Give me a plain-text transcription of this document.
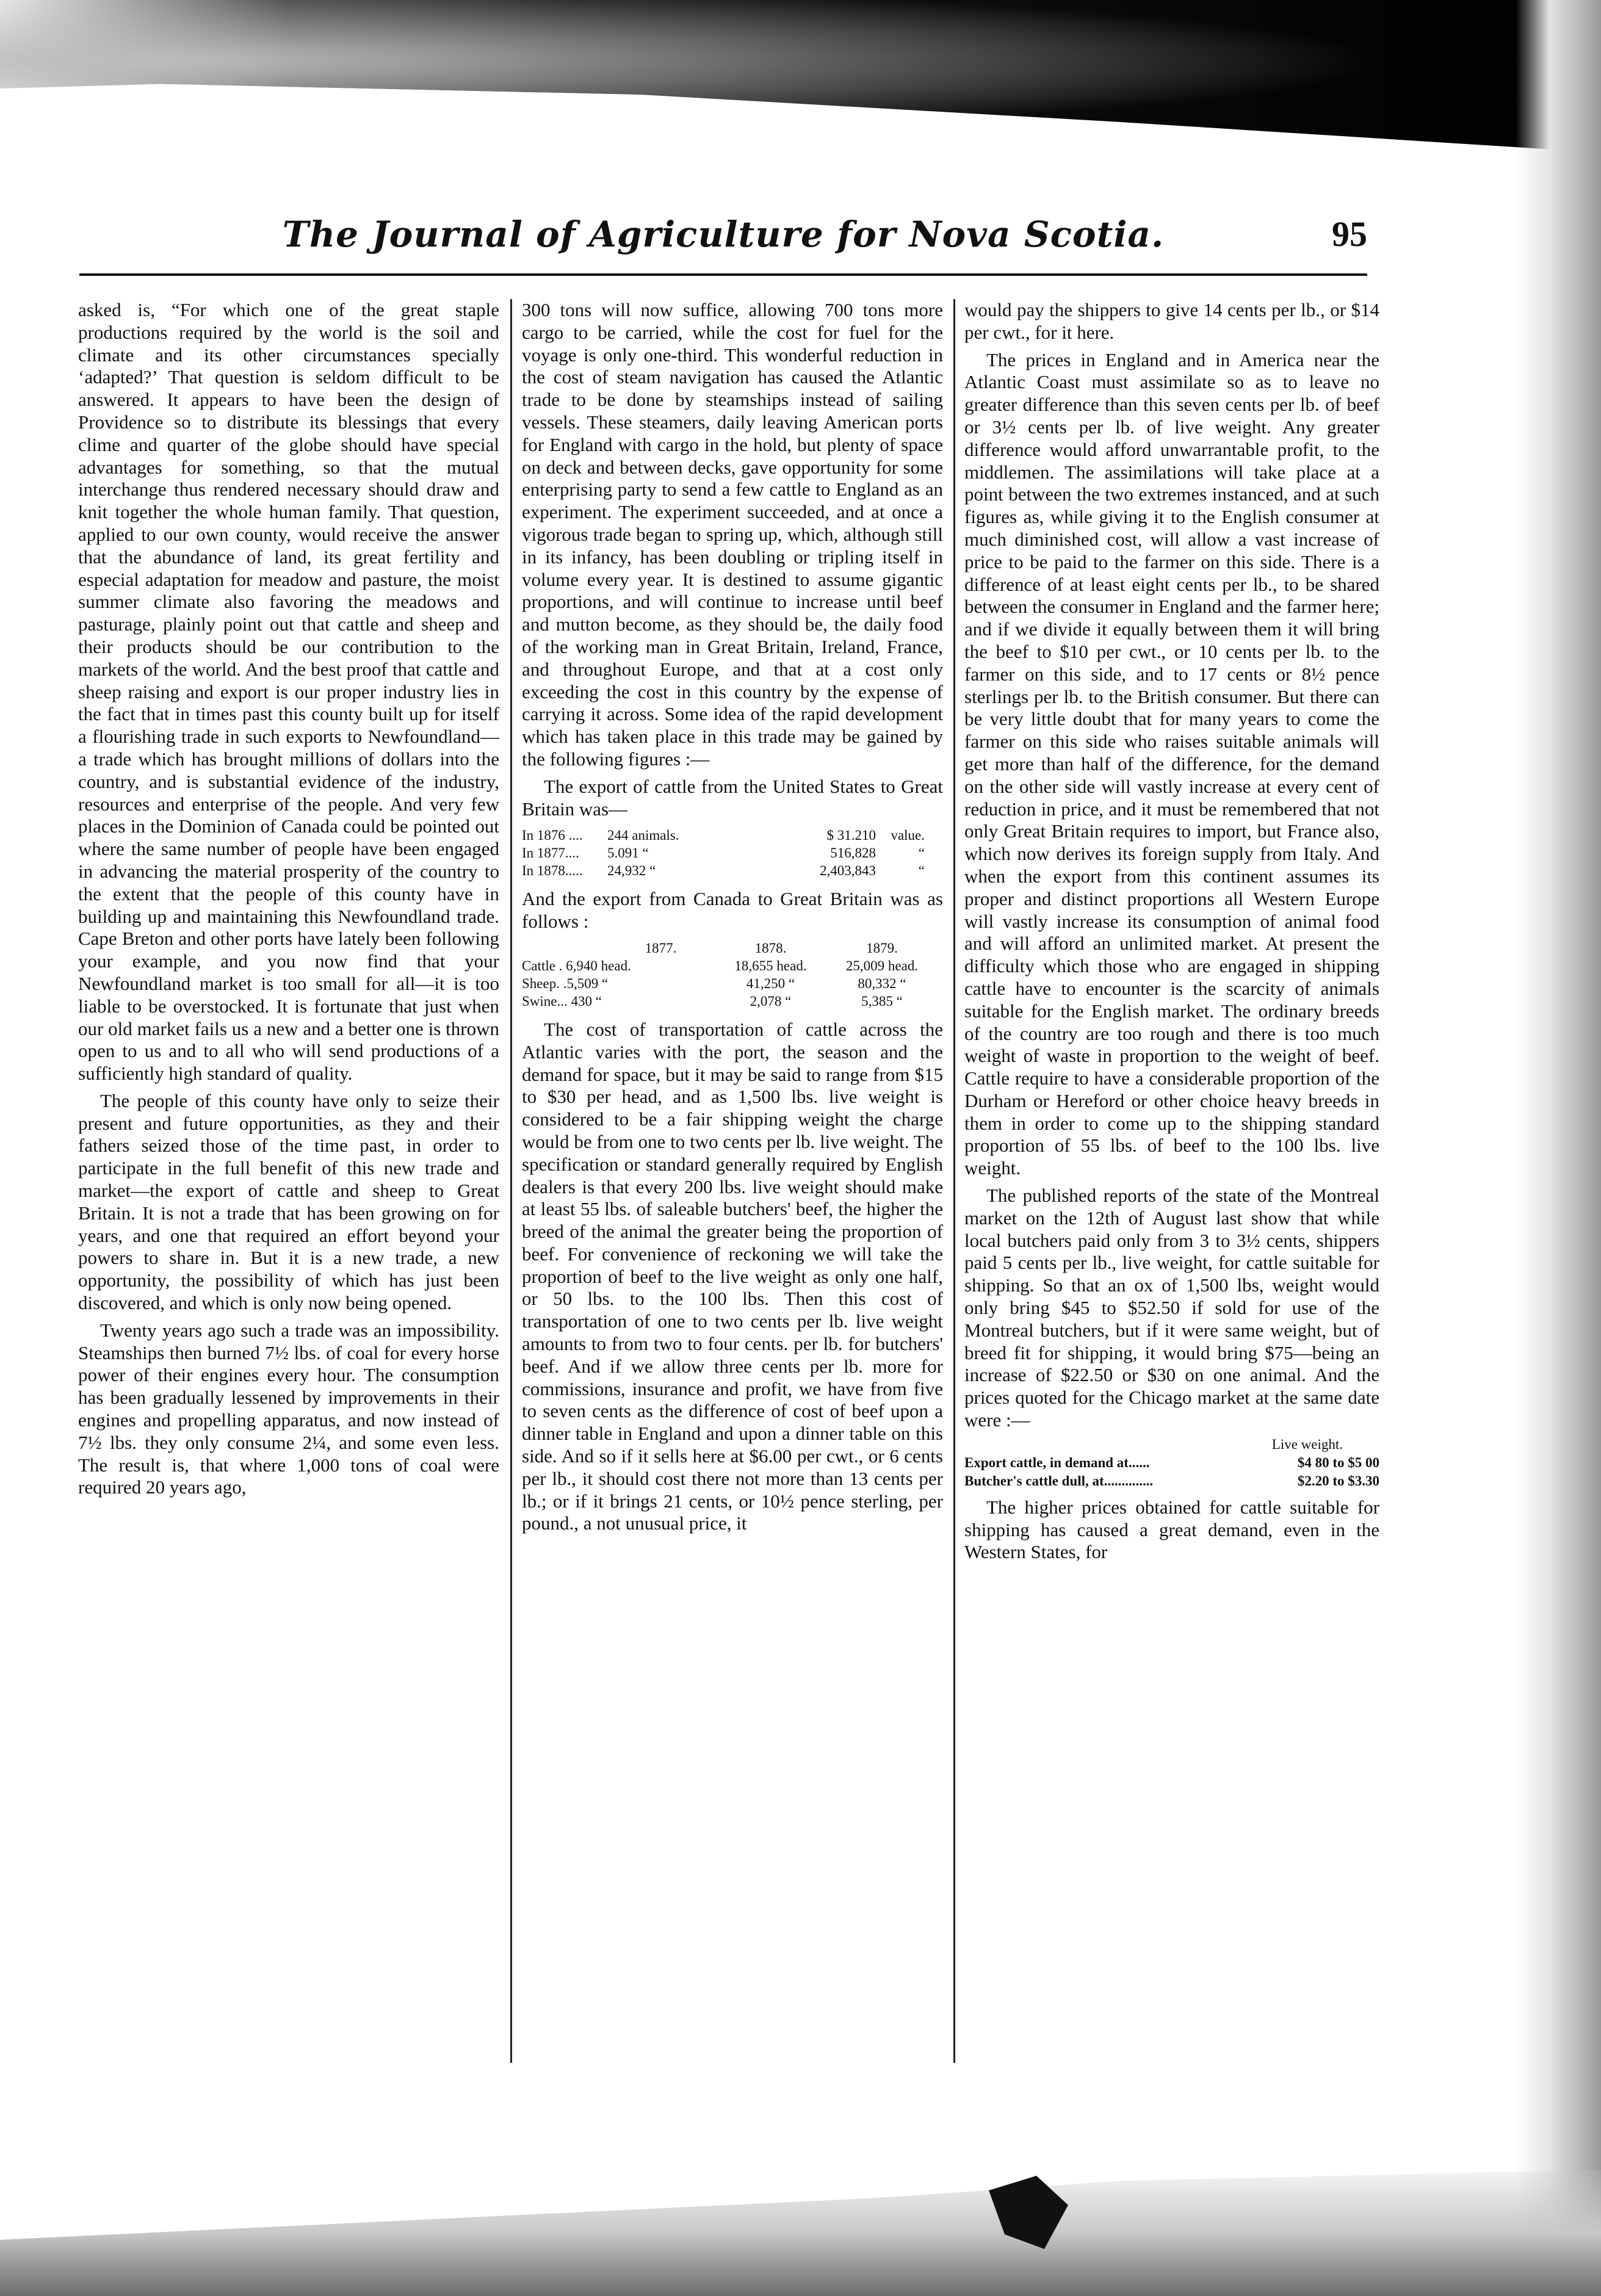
The Journal of Agriculture for Nova Scotia.	95

asked is, “For which one of the great staple productions required by the world is the soil and climate and its other circumstances specially ‘adapted?’ That question is seldom difficult to be answered. It appears to have been the design of Providence so to distribute its blessings that every clime and quarter of the globe should have special advantages for something, so that the mutual interchange thus rendered necessary should draw and knit together the whole human family. That question, applied to our own county, would receive the answer that the abundance of land, its great fertility and especial adaptation for meadow and pasture, the moist summer climate also favoring the meadows and pasturage, plainly point out that cattle and sheep and their products should be our contribution to the markets of the world. And the best proof that cattle and sheep raising and export is our proper industry lies in the fact that in times past this county built up for itself a flourishing trade in such exports to Newfoundland—a trade which has brought millions of dollars into the country, and is substantial evidence of the industry, resources and enterprise of the people. And very few places in the Dominion of Canada could be pointed out where the same number of people have been engaged in advancing the material prosperity of the country to the extent that the people of this county have in building up and maintaining this Newfoundland trade. Cape Breton and other ports have lately been following your example, and you now find that your Newfoundland market is too small for all—it is too liable to be overstocked. It is fortunate that just when our old market fails us a new and a better one is thrown open to us and to all who will send productions of a sufficiently high standard of quality.

The people of this county have only to seize their present and future opportunities, as they and their fathers seized those of the time past, in order to participate in the full benefit of this new trade and market—the export of cattle and sheep to Great Britain. It is not a trade that has been growing on for years, and one that required an effort beyond your powers to share in. But it is a new trade, a new opportunity, the possibility of which has just been discovered, and which is only now being opened.

Twenty years ago such a trade was an impossibility. Steamships then burned 7½ lbs. of coal for every horse power of their engines every hour. The consumption has been gradually lessened by improvements in their engines and propelling apparatus, and now instead of 7½ lbs. they only consume 2¼, and some even less. The result is, that where 1,000 tons of coal were required 20 years ago,

300 tons will now suffice, allowing 700 tons more cargo to be carried, while the cost for fuel for the voyage is only one-third. This wonderful reduction in the cost of steam navigation has caused the Atlantic trade to be done by steamships instead of sailing vessels. These steamers, daily leaving American ports for England with cargo in the hold, but plenty of space on deck and between decks, gave opportunity for some enterprising party to send a few cattle to England as an experiment. The experiment succeeded, and at once a vigorous trade began to spring up, which, although still in its infancy, has been doubling or tripling itself in volume every year. It is destined to assume gigantic proportions, and will continue to increase until beef and mutton become, as they should be, the daily food of the working man in Great Britain, Ireland, France, and throughout Europe, and that at a cost only exceeding the cost in this country by the expense of carrying it across. Some idea of the rapid development which has taken place in this trade may be gained by the following figures :—

The export of cattle from the United States to Great Britain was—

In 1876 ....	244 animals.	$ 31.210	value.
In 1877....	5.091 “	516,828	“
In 1878.....	24,932 “	2,403,843	“

And the export from Canada to Great Britain was as follows :

1877.	1878.	1879.
Cattle . 6,940 head.	18,655 head.	25,009 head.
Sheep. .5,509 “	41,250 “	80,332 “
Swine... 430 “	2,078 “	5,385 “

The cost of transportation of cattle across the Atlantic varies with the port, the season and the demand for space, but it may be said to range from $15 to $30 per head, and as 1,500 lbs. live weight is considered to be a fair shipping weight the charge would be from one to two cents per lb. live weight. The specification or standard generally required by English dealers is that every 200 lbs. live weight should make at least 55 lbs. of saleable butchers' beef, the higher the breed of the animal the greater being the proportion of beef. For convenience of reckoning we will take the proportion of beef to the live weight as only one half, or 50 lbs. to the 100 lbs. Then this cost of transportation of one to two cents per lb. live weight amounts to from two to four cents. per lb. for butchers' beef. And if we allow three cents per lb. more for commissions, insurance and profit, we have from five to seven cents as the difference of cost of beef upon a dinner table in England and upon a dinner table on this side. And so if it sells here at $6.00 per cwt., or 6 cents per lb., it should cost there not more than 13 cents per lb.; or if it brings 21 cents, or 10½ pence sterling, per pound., a not unusual price, it

would pay the shippers to give 14 cents per lb., or $14 per cwt., for it here.

The prices in England and in America near the Atlantic Coast must assimilate so as to leave no greater difference than this seven cents per lb. of beef or 3½ cents per lb. of live weight. Any greater difference would afford unwarrantable profit, to the middlemen. The assimilations will take place at a point between the two extremes instanced, and at such figures as, while giving it to the English consumer at much diminished cost, will allow a vast increase of price to be paid to the farmer on this side. There is a difference of at least eight cents per lb., to be shared between the consumer in England and the farmer here; and if we divide it equally between them it will bring the beef to $10 per cwt., or 10 cents per lb. to the farmer on this side, and to 17 cents or 8½ pence sterlings per lb. to the British consumer. But there can be very little doubt that for many years to come the farmer on this side who raises suitable animals will get more than half of the difference, for the demand on the other side will vastly increase at every cent of reduction in price, and it must be remembered that not only Great Britain requires to import, but France also, which now derives its foreign supply from Italy. And when the export from this continent assumes its proper and distinct proportions all Western Europe will vastly increase its consumption of animal food and will afford an unlimited market. At present the difficulty which those who are engaged in shipping cattle have to encounter is the scarcity of animals suitable for the English market. The ordinary breeds of the country are too rough and there is too much weight of waste in proportion to the weight of beef. Cattle require to have a considerable proportion of the Durham or Hereford or other choice heavy breeds in them in order to come up to the shipping standard proportion of 55 lbs. of beef to the 100 lbs. live weight.

The published reports of the state of the Montreal market on the 12th of August last show that while local butchers paid only from 3 to 3½ cents, shippers paid 5 cents per lb., live weight, for cattle suitable for shipping. So that an ox of 1,500 lbs, weight would only bring $45 to $52.50 if sold for use of the Montreal butchers, but if it were same weight, but of breed fit for shipping, it would bring $75—being an increase of $22.50 or $30 on one animal. And the prices quoted for the Chicago market at the same date were :—

Live weight.
Export cattle, in demand at......	$4 80 to $5 00
Butcher's cattle dull, at..............	$2.20 to $3.30

The higher prices obtained for cattle suitable for shipping has caused a great demand, even in the Western States, for
